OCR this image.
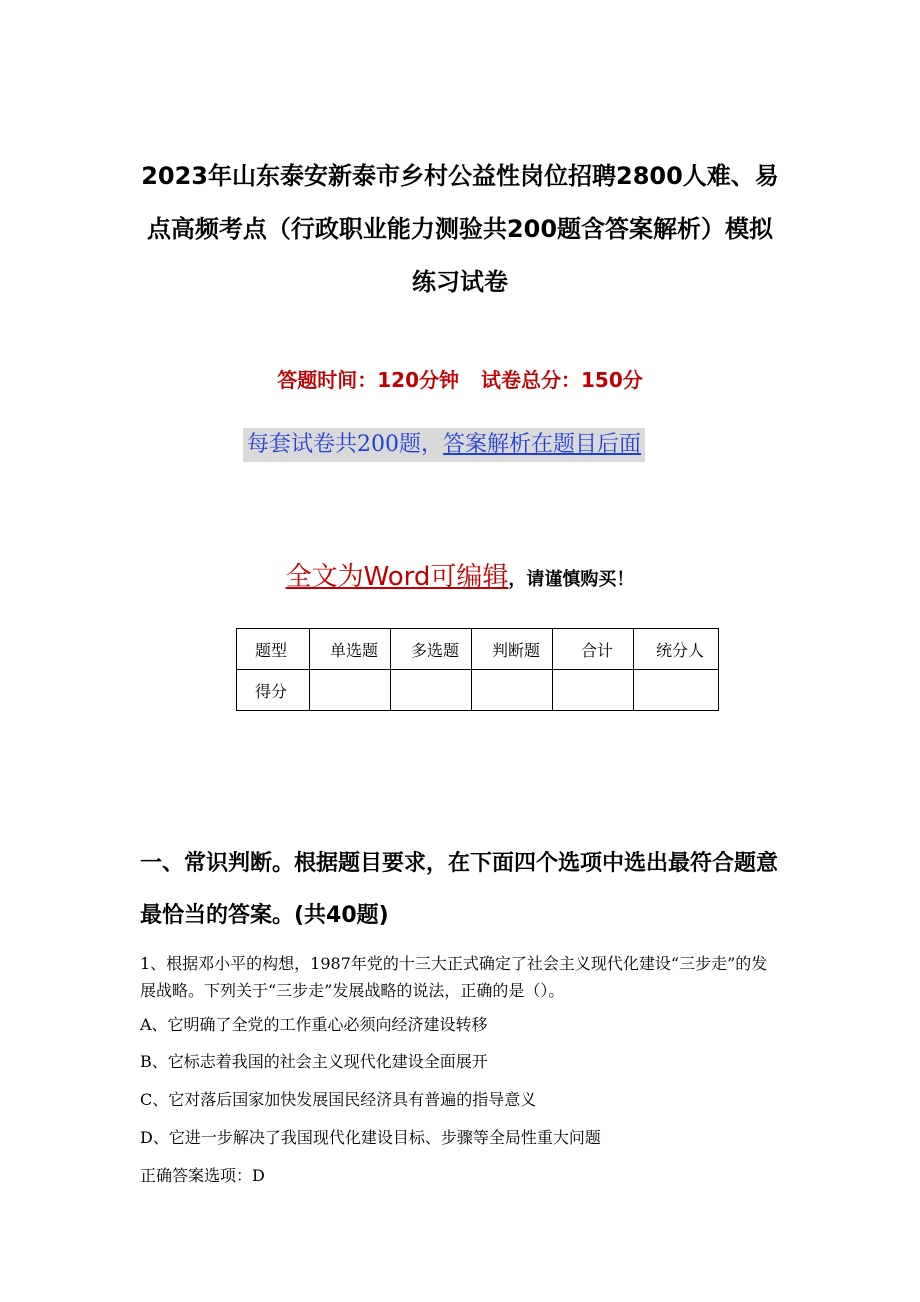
2023年山东泰安新泰市乡村公益性岗位招聘2800人难、易
点高频考点（行政职业能力测验共200题含答案解析）模拟
练习试卷
答题时间：120分钟 试卷总分：150分
每套试卷共200题，答案解析在题目后面
全文为Word可编辑，请谨慎购买！
题型	单选题	多选题	判断题	合计	统分人
得分					
一、常识判断。根据题目要求，在下面四个选项中选出最符合题意最恰当的答案。(共40题)
1、根据邓小平的构想，1987年党的十三大正式确定了社会主义现代化建设“三步走”的发展战略。下列关于“三步走”发展战略的说法，正确的是（）。
A、它明确了全党的工作重心必须向经济建设转移
B、它标志着我国的社会主义现代化建设全面展开
C、它对落后国家加快发展国民经济具有普遍的指导意义
D、它进一步解决了我国现代化建设目标、步骤等全局性重大问题
正确答案选项：D
